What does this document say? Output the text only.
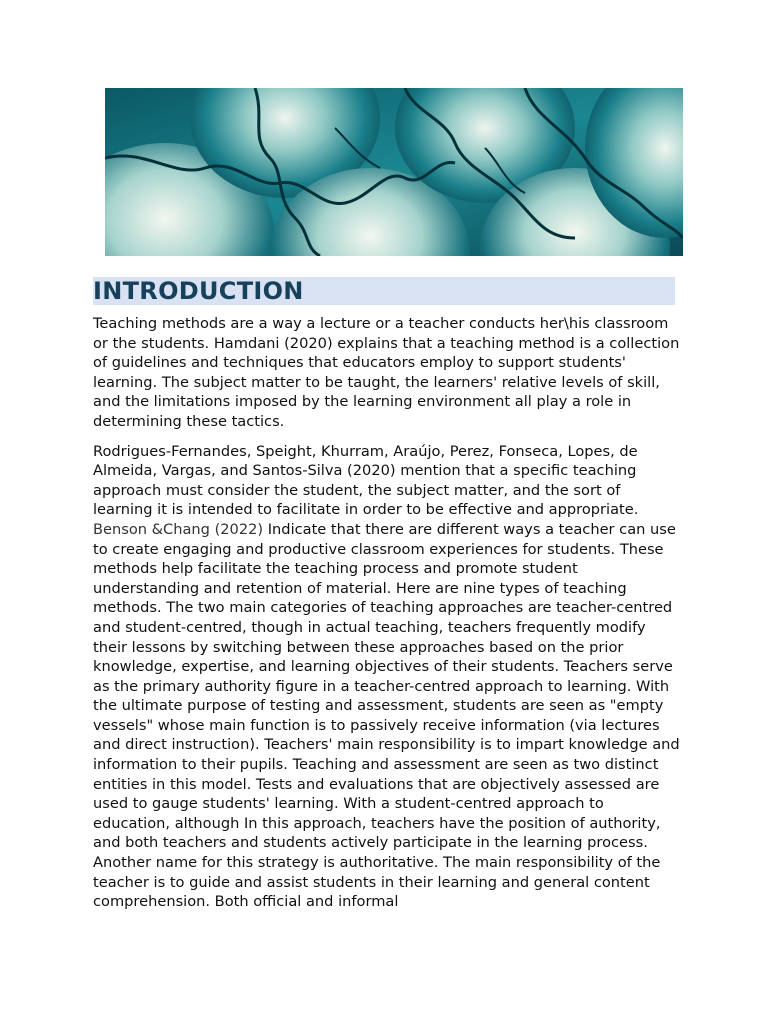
INTRODUCTION

Teaching methods are a way a lecture or a teacher conducts her\his classroom or the students. Hamdani (2020) explains that a teaching method is a collection of guidelines and techniques that educators employ to support students' learning. The subject matter to be taught, the learners' relative levels of skill, and the limitations imposed by the learning environment all play a role in determining these tactics.

Rodrigues-Fernandes, Speight, Khurram, Araújo, Perez, Fonseca, Lopes, de Almeida, Vargas, and Santos-Silva (2020) mention that a specific teaching approach must consider the student, the subject matter, and the sort of learning it is intended to facilitate in order to be effective and appropriate. Benson &Chang (2022) Indicate that there are different ways a teacher can use to create engaging and productive classroom experiences for students. These methods help facilitate the teaching process and promote student understanding and retention of material. Here are nine types of teaching methods. The two main categories of teaching approaches are teacher-centred and student-centred, though in actual teaching, teachers frequently modify their lessons by switching between these approaches based on the prior knowledge, expertise, and learning objectives of their students. Teachers serve as the primary authority figure in a teacher-centred approach to learning. With the ultimate purpose of testing and assessment, students are seen as "empty vessels" whose main function is to passively receive information (via lectures and direct instruction). Teachers' main responsibility is to impart knowledge and information to their pupils. Teaching and assessment are seen as two distinct entities in this model. Tests and evaluations that are objectively assessed are used to gauge students' learning. With a student-centred approach to education, although In this approach, teachers have the position of authority, and both teachers and students actively participate in the learning process. Another name for this strategy is authoritative. The main responsibility of the teacher is to guide and assist students in their learning and general content comprehension. Both official and informal
